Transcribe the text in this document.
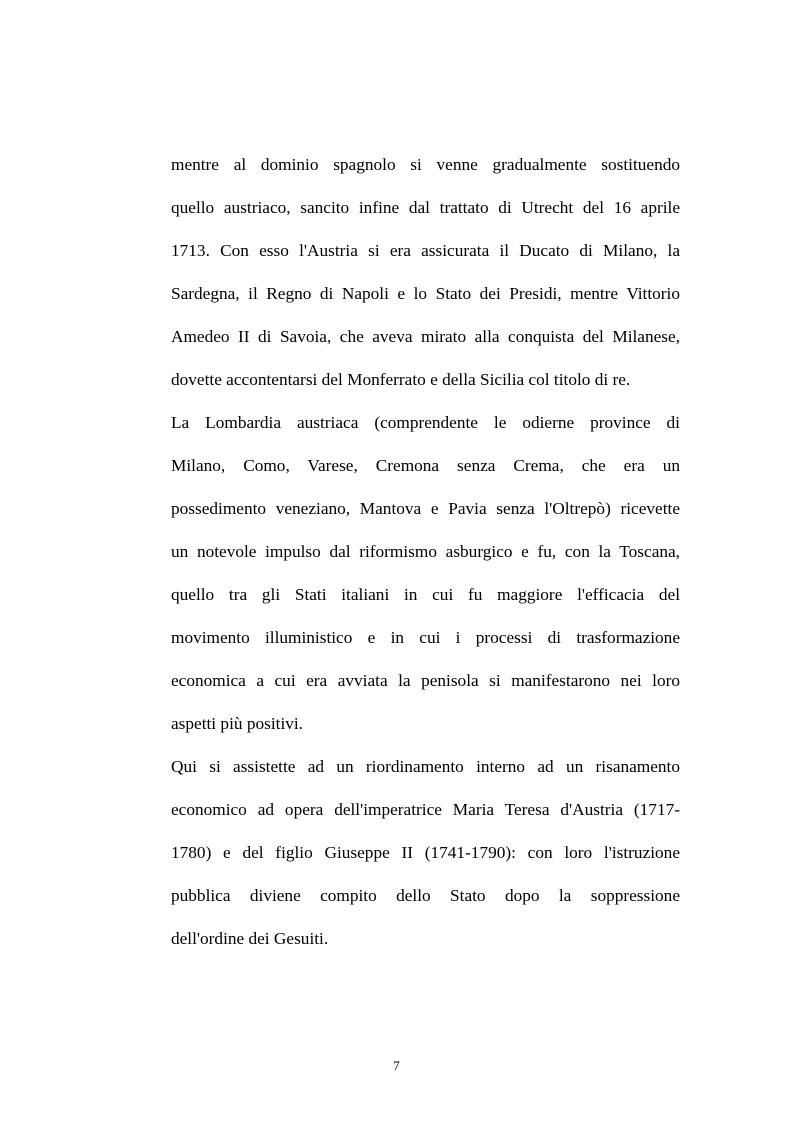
mentre al dominio spagnolo si venne gradualmente sostituendo
quello austriaco, sancito infine dal trattato di Utrecht del 16 aprile
1713. Con esso l'Austria si era assicurata il Ducato di Milano, la
Sardegna, il Regno di Napoli e lo Stato dei Presidi, mentre Vittorio
Amedeo II di Savoia, che aveva mirato alla conquista del Milanese,
dovette accontentarsi del Monferrato e della Sicilia col titolo di re.
La Lombardia austriaca (comprendente le odierne province di
Milano, Como, Varese, Cremona senza Crema, che era un
possedimento veneziano, Mantova e Pavia senza l'Oltrepò) ricevette
un notevole impulso dal riformismo asburgico e fu, con la Toscana,
quello tra gli Stati italiani in cui fu maggiore l'efficacia del
movimento illuministico e in cui i processi di trasformazione
economica a cui era avviata la penisola si manifestarono nei loro
aspetti più positivi.
Qui si assistette ad un riordinamento interno ad un risanamento
economico ad opera dell'imperatrice Maria Teresa d'Austria (1717-
1780) e del figlio Giuseppe II (1741-1790): con loro l'istruzione
pubblica diviene compito dello Stato dopo la soppressione
dell'ordine dei Gesuiti.
7
